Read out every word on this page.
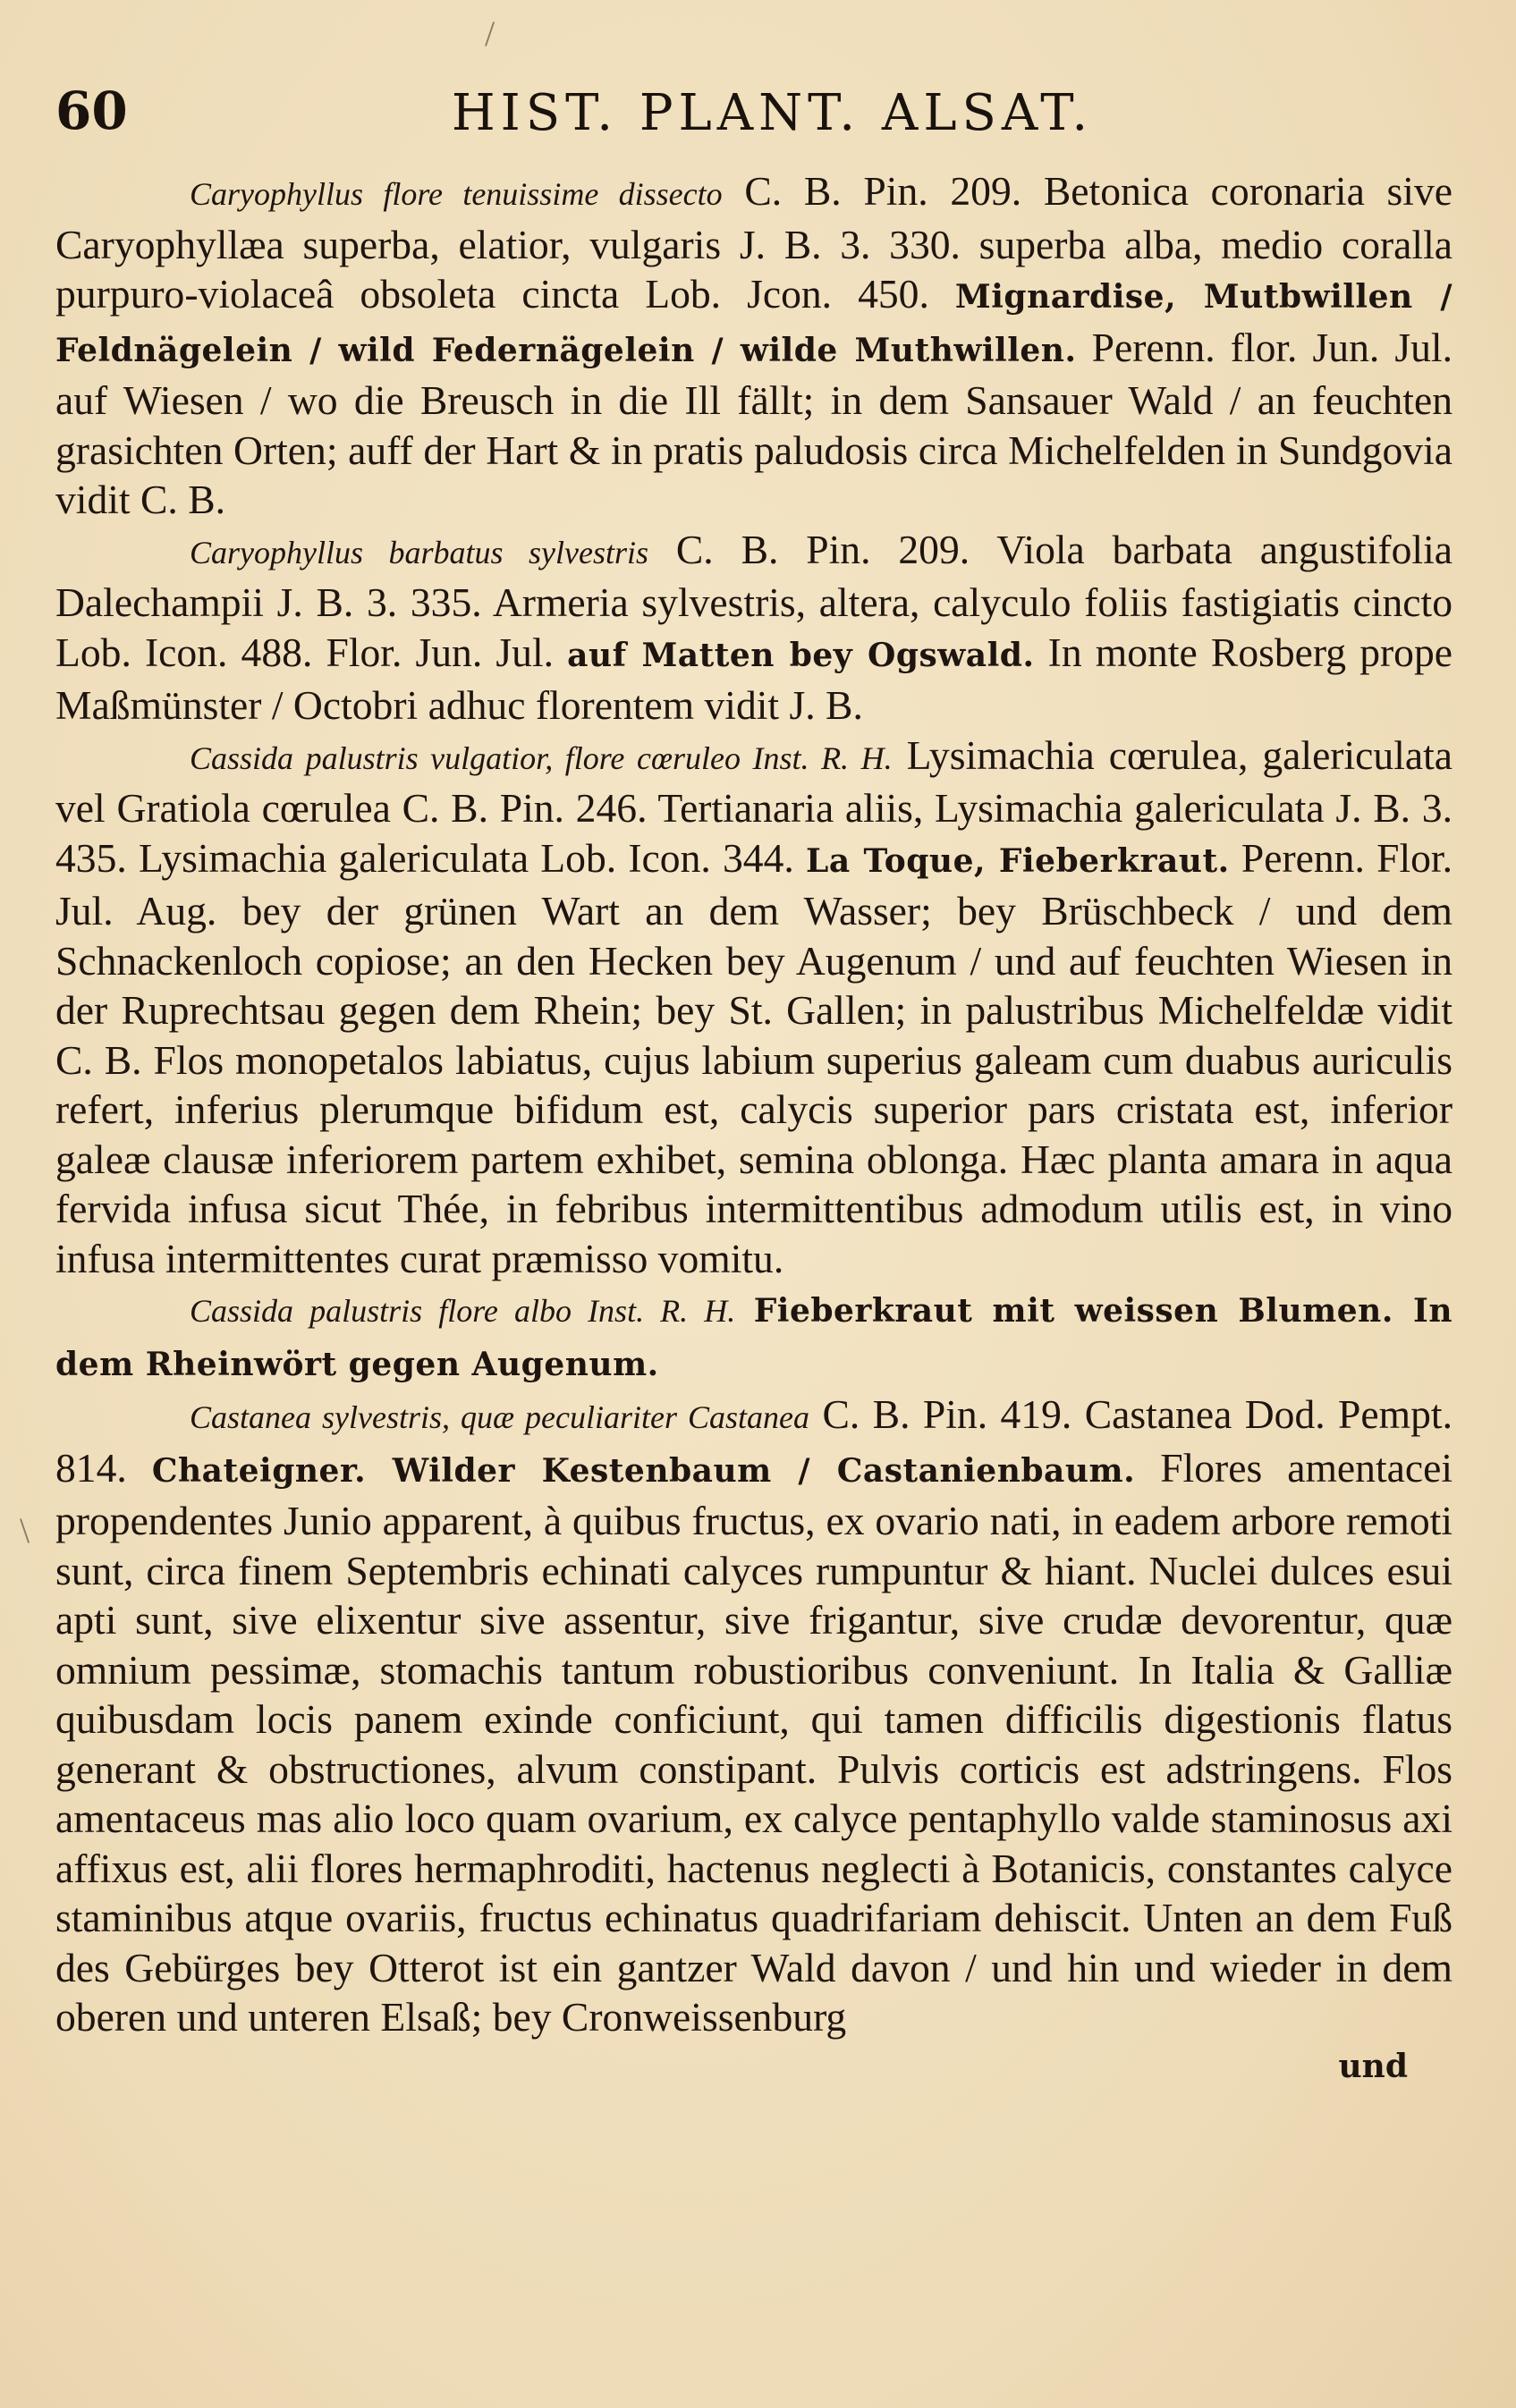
/
\
60	HIST. PLANT. ALSAT.

Caryophyllus flore tenuissime dissecto C. B. Pin. 209. Betonica coronaria sive Caryophyllæa superba, elatior, vulgaris J. B. 3. 330. superba alba, medio coralla purpuro-violaceâ obsoleta cincta Lob. Jcon. 450. Mignardise, Mutbwillen / Feldnägelein / wild Federnägelein / wilde Muthwillen. Perenn. flor. Jun. Jul. auf Wiesen / wo die Breusch in die Ill fällt; in dem Sansauer Wald / an feuchten grasichten Orten; auff der Hart & in pratis paludosis circa Michelfelden in Sundgovia vidit C. B.

Caryophyllus barbatus sylvestris C. B. Pin. 209. Viola barbata angustifolia Dalechampii J. B. 3. 335. Armeria sylvestris, altera, calyculo foliis fastigiatis cincto Lob. Icon. 488. Flor. Jun. Jul. auf Matten bey Ogswald. In monte Rosberg prope Maßmünster / Octobri adhuc florentem vidit J. B.

Cassida palustris vulgatior, flore cœruleo Inst. R. H. Lysimachia cœrulea, galericulata vel Gratiola cœrulea C. B. Pin. 246. Tertianaria aliis, Lysimachia galericulata J. B. 3. 435. Lysimachia galericulata Lob. Icon. 344. La Toque, Fieberkraut. Perenn. Flor. Jul. Aug. bey der grünen Wart an dem Wasser; bey Brüschbeck / und dem Schnackenloch copiose; an den Hecken bey Augenum / und auf feuchten Wiesen in der Ruprechtsau gegen dem Rhein; bey St. Gallen; in palustribus Michelfeldæ vidit C. B. Flos monopetalos labiatus, cujus labium superius galeam cum duabus auriculis refert, inferius plerumque bifidum est, calycis superior pars cristata est, inferior galeæ clausæ inferiorem partem exhibet, semina oblonga. Hæc planta amara in aqua fervida infusa sicut Thée, in febribus intermittentibus admodum utilis est, in vino infusa intermittentes curat præmisso vomitu.

Cassida palustris flore albo Inst. R. H. Fieberkraut mit weissen Blumen. In dem Rheinwört gegen Augenum.

Castanea sylvestris, quæ peculiariter Castanea C. B. Pin. 419. Castanea Dod. Pempt. 814. Chateigner. Wilder Kestenbaum / Castanienbaum. Flores amentacei propendentes Junio apparent, à quibus fructus, ex ovario nati, in eadem arbore remoti sunt, circa finem Septembris echinati calyces rumpuntur & hiant. Nuclei dulces esui apti sunt, sive elixentur sive assentur, sive frigantur, sive crudæ devorentur, quæ omnium pessimæ, stomachis tantum robustioribus conveniunt. In Italia & Galliæ quibusdam locis panem exinde conficiunt, qui tamen difficilis digestionis flatus generant & obstructiones, alvum constipant. Pulvis corticis est adstringens. Flos amentaceus mas alio loco quam ovarium, ex calyce pentaphyllo valde staminosus axi affixus est, alii flores hermaphroditi, hactenus neglecti à Botanicis, constantes calyce staminibus atque ovariis, fructus echinatus quadrifariam dehiscit. Unten an dem Fuß des Gebürges bey Otterot ist ein gantzer Wald davon / und hin und wieder in dem oberen und unteren Elsaß; bey Cronweissenburg

und
